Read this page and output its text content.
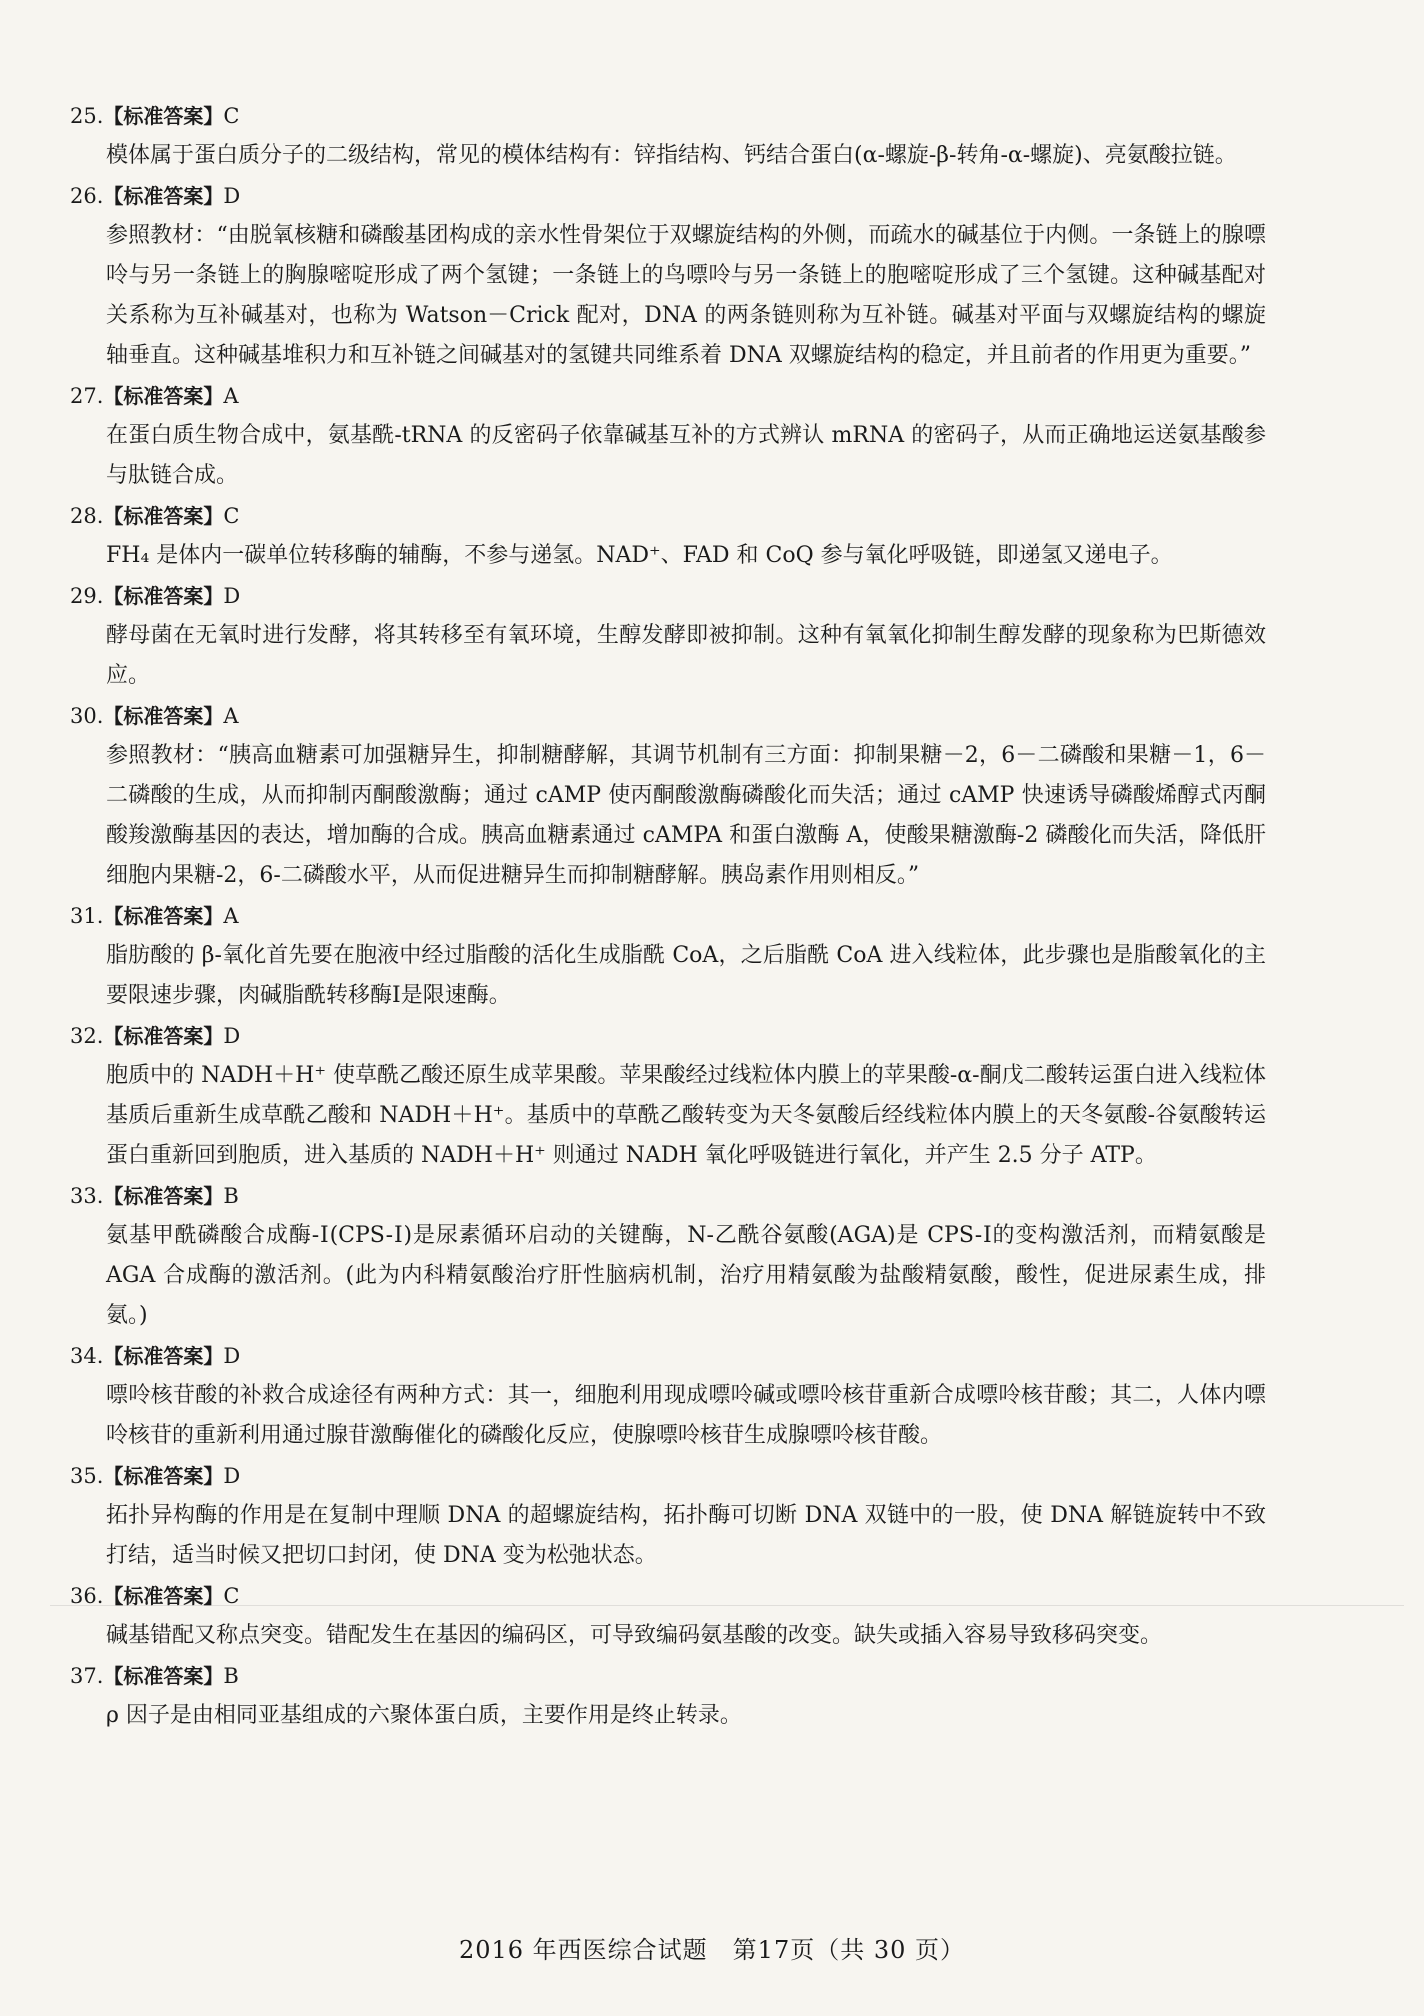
25.【标准答案】C

模体属于蛋白质分子的二级结构，常见的模体结构有：锌指结构、钙结合蛋白(α-螺旋-β-转角-α-螺旋)、亮氨酸拉链。

26.【标准答案】D

参照教材：“由脱氧核糖和磷酸基团构成的亲水性骨架位于双螺旋结构的外侧，而疏水的碱基位于内侧。一条链上的腺嘌呤与另一条链上的胸腺嘧啶形成了两个氢键；一条链上的鸟嘌呤与另一条链上的胞嘧啶形成了三个氢键。这种碱基配对关系称为互补碱基对，也称为 Watson－Crick 配对，DNA 的两条链则称为互补链。碱基对平面与双螺旋结构的螺旋轴垂直。这种碱基堆积力和互补链之间碱基对的氢键共同维系着 DNA 双螺旋结构的稳定，并且前者的作用更为重要。”

27.【标准答案】A

在蛋白质生物合成中，氨基酰-tRNA 的反密码子依靠碱基互补的方式辨认 mRNA 的密码子，从而正确地运送氨基酸参与肽链合成。

28.【标准答案】C

FH₄ 是体内一碳单位转移酶的辅酶，不参与递氢。NAD⁺、FAD 和 CoQ 参与氧化呼吸链，即递氢又递电子。

29.【标准答案】D

酵母菌在无氧时进行发酵，将其转移至有氧环境，生醇发酵即被抑制。这种有氧氧化抑制生醇发酵的现象称为巴斯德效应。

30.【标准答案】A

参照教材：“胰高血糖素可加强糖异生，抑制糖酵解，其调节机制有三方面：抑制果糖－2，6－二磷酸和果糖－1，6－二磷酸的生成，从而抑制丙酮酸激酶；通过 cAMP 使丙酮酸激酶磷酸化而失活；通过 cAMP 快速诱导磷酸烯醇式丙酮酸羧激酶基因的表达，增加酶的合成。胰高血糖素通过 cAMPA 和蛋白激酶 A，使酸果糖激酶-2 磷酸化而失活，降低肝细胞内果糖-2，6-二磷酸水平，从而促进糖异生而抑制糖酵解。胰岛素作用则相反。”

31.【标准答案】A

脂肪酸的 β-氧化首先要在胞液中经过脂酸的活化生成脂酰 CoA，之后脂酰 CoA 进入线粒体，此步骤也是脂酸氧化的主要限速步骤，肉碱脂酰转移酶Ⅰ是限速酶。

32.【标准答案】D

胞质中的 NADH＋H⁺ 使草酰乙酸还原生成苹果酸。苹果酸经过线粒体内膜上的苹果酸-α-酮戊二酸转运蛋白进入线粒体基质后重新生成草酰乙酸和 NADH＋H⁺。基质中的草酰乙酸转变为天冬氨酸后经线粒体内膜上的天冬氨酸-谷氨酸转运蛋白重新回到胞质，进入基质的 NADH＋H⁺ 则通过 NADH 氧化呼吸链进行氧化，并产生 2.5 分子 ATP。

33.【标准答案】B

氨基甲酰磷酸合成酶-Ⅰ(CPS-Ⅰ)是尿素循环启动的关键酶，N-乙酰谷氨酸(AGA)是 CPS-Ⅰ的变构激活剂，而精氨酸是 AGA 合成酶的激活剂。(此为内科精氨酸治疗肝性脑病机制，治疗用精氨酸为盐酸精氨酸，酸性，促进尿素生成，排氨。)

34.【标准答案】D

嘌呤核苷酸的补救合成途径有两种方式：其一，细胞利用现成嘌呤碱或嘌呤核苷重新合成嘌呤核苷酸；其二，人体内嘌呤核苷的重新利用通过腺苷激酶催化的磷酸化反应，使腺嘌呤核苷生成腺嘌呤核苷酸。

35.【标准答案】D

拓扑异构酶的作用是在复制中理顺 DNA 的超螺旋结构，拓扑酶可切断 DNA 双链中的一股，使 DNA 解链旋转中不致打结，适当时候又把切口封闭，使 DNA 变为松弛状态。

36.【标准答案】C

碱基错配又称点突变。错配发生在基因的编码区，可导致编码氨基酸的改变。缺失或插入容易导致移码突变。

37.【标准答案】B

ρ 因子是由相同亚基组成的六聚体蛋白质，主要作用是终止转录。

2016 年西医综合试题　第17页（共 30 页）
